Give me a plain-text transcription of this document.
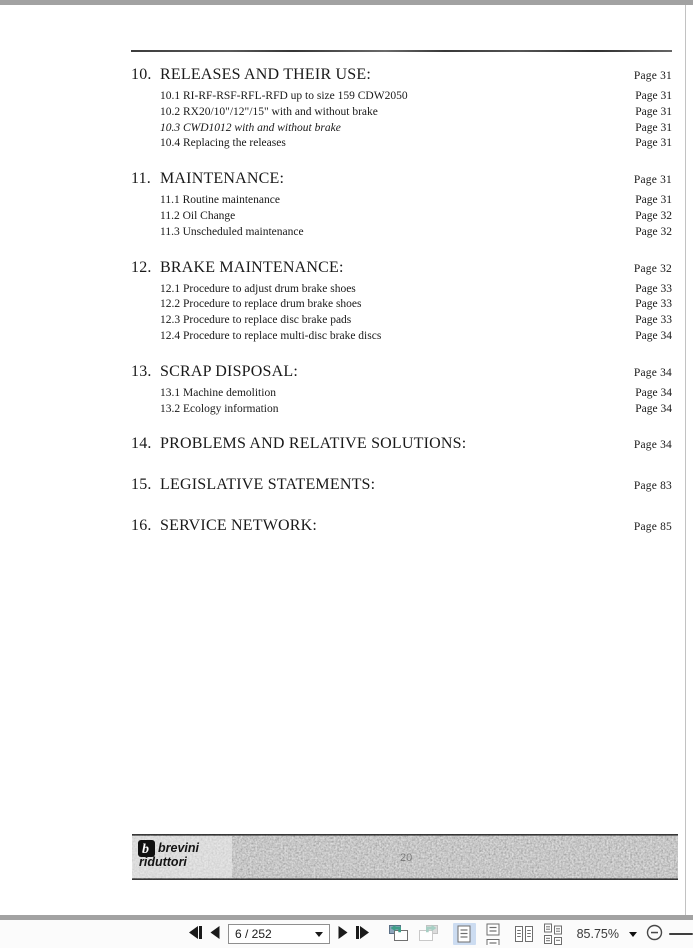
10. RELEASES AND THEIR USE:	Page 31
10.1 RI-RF-RSF-RFL-RFD up to size 159 CDW2050	Page 31
10.2 RX20/10"/12"/15" with and without brake	Page 31
10.3 CWD1012 with and without brake	Page 31
10.4 Replacing the releases	Page 31
11. MAINTENANCE:	Page 31
11.1 Routine maintenance	Page 31
11.2 Oil Change	Page 32
11.3 Unscheduled maintenance	Page 32
12. BRAKE MAINTENANCE:	Page 32
12.1 Procedure to adjust drum brake shoes	Page 33
12.2 Procedure to replace drum brake shoes	Page 33
12.3 Procedure to replace disc brake pads	Page 33
12.4 Procedure to replace multi-disc brake discs	Page 34
13. SCRAP DISPOSAL:	Page 34
13.1 Machine demolition	Page 34
13.2 Ecology information	Page 34
14. PROBLEMS AND RELATIVE SOLUTIONS:	Page 34
15. LEGISLATIVE STATEMENTS:	Page 83
16. SERVICE NETWORK:	Page 85
b brevini
riduttori	20
6 / 252	85.75%
